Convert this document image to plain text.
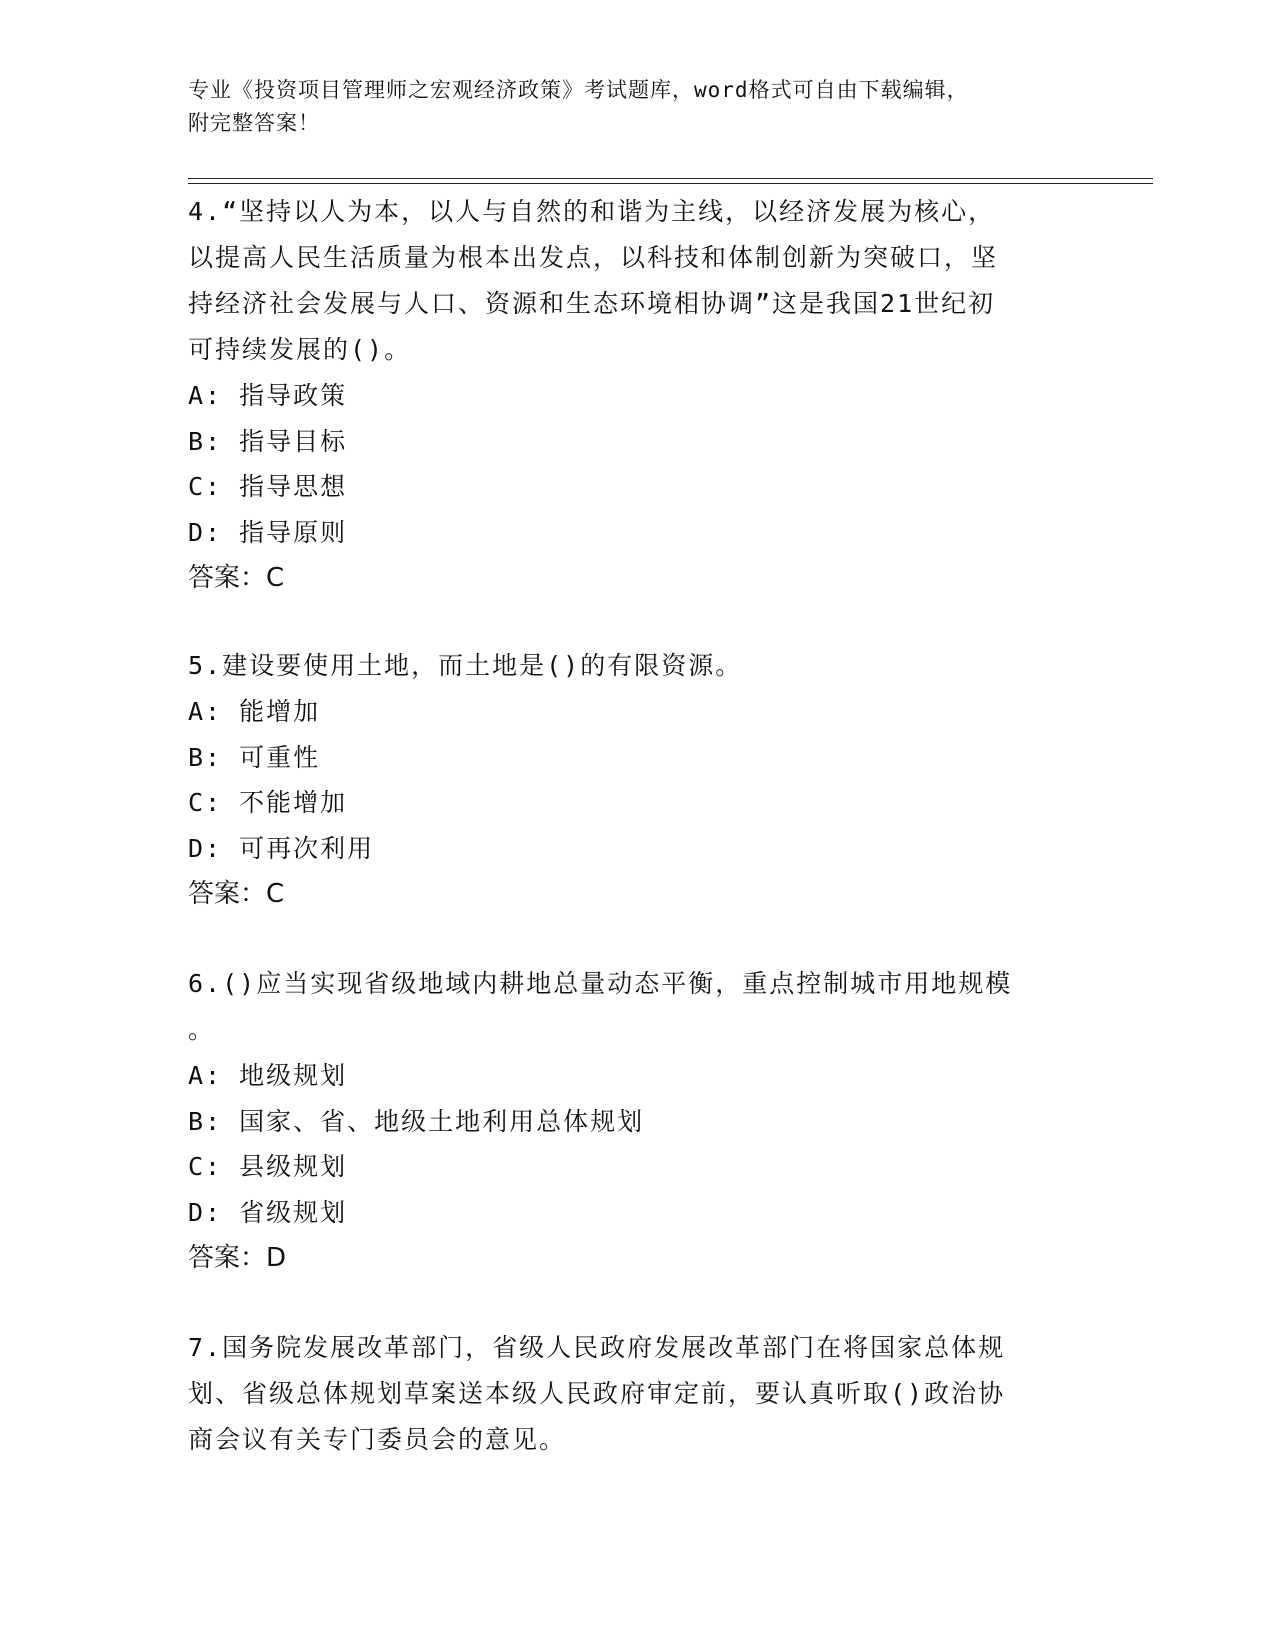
专业《投资项目管理师之宏观经济政策》考试题库，word格式可自由下载编辑，
附完整答案！
4.“坚持以人为本，以人与自然的和谐为主线，以经济发展为核心，
以提高人民生活质量为根本出发点，以科技和体制创新为突破口，坚
持经济社会发展与人口、资源和生态环境相协调”这是我国21世纪初
可持续发展的()。
A: 指导政策
B: 指导目标
C: 指导思想
D: 指导原则
答案：C
5.建设要使用土地，而土地是()的有限资源。
A: 能增加
B: 可重性
C: 不能增加
D: 可再次利用
答案：C
6.()应当实现省级地域内耕地总量动态平衡，重点控制城市用地规模
。
A: 地级规划
B: 国家、省、地级土地利用总体规划
C: 县级规划
D: 省级规划
答案：D
7.国务院发展改革部门，省级人民政府发展改革部门在将国家总体规
划、省级总体规划草案送本级人民政府审定前，要认真听取()政治协
商会议有关专门委员会的意见。
